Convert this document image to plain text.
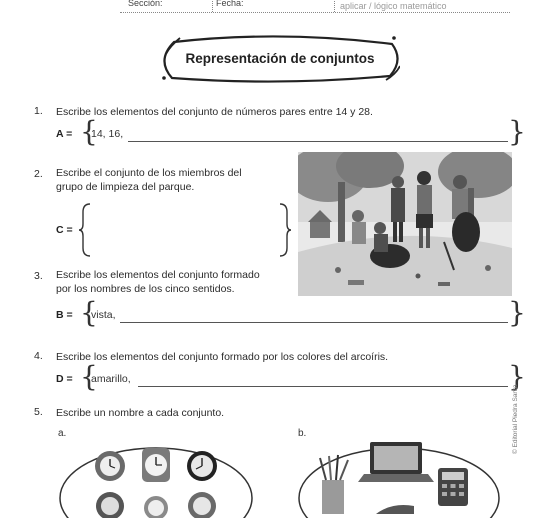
Sección:	Fecha:	aplicar / lógico matemático
Representación de conjuntos
1. Escribe los elementos del conjunto de números pares entre 14 y 28.
A = {
14, 16,	}
2. Escribe el conjunto de los miembros del
grupo de limpieza del parque.
C =
3. Escribe los elementos del conjunto formado
por los nombres de los cinco sentidos.
B = {
vista,	}
4. Escribe los elementos del conjunto formado por los colores del arcoíris.
D = {
amarillo,	}
5. Escribe un nombre a cada conjunto.
a.	b.	© Editorial Piedra Santa
